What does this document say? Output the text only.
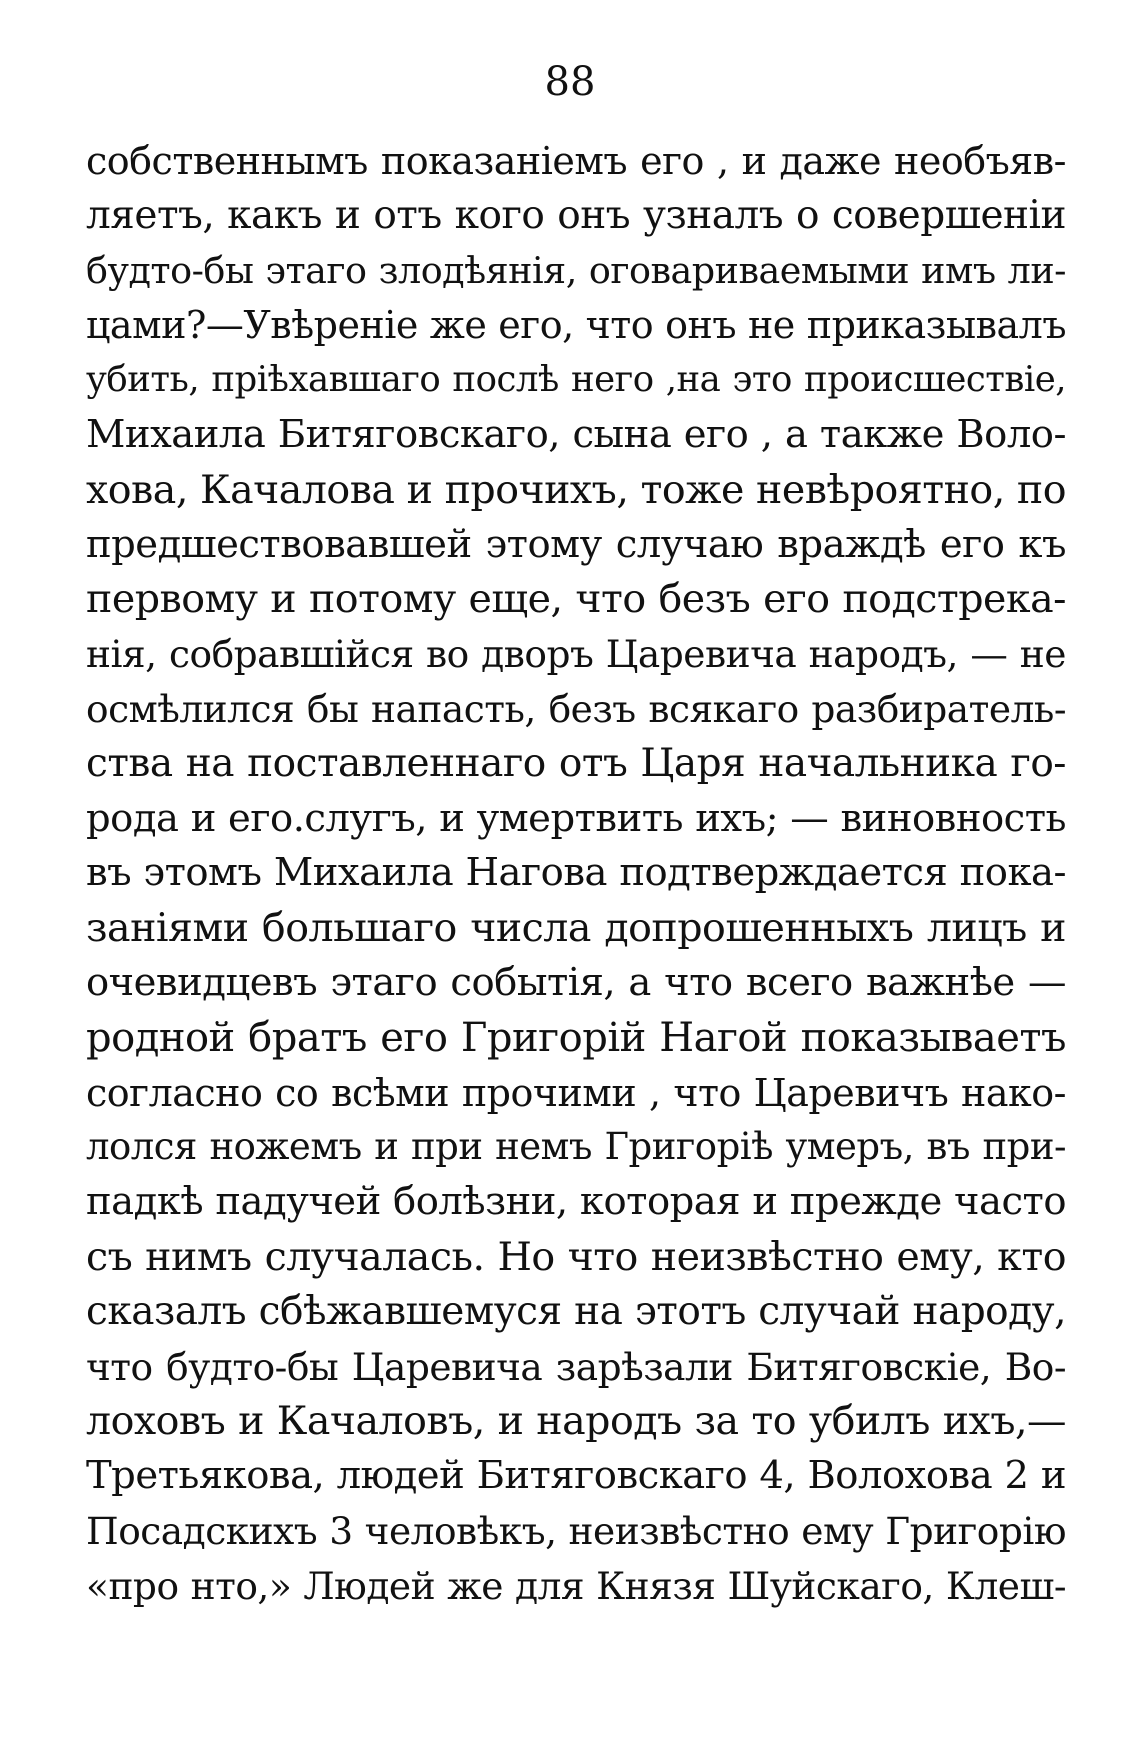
88
собственнымъ показаніемъ его , и даже необъяв-
ляетъ, какъ и отъ кого онъ узналъ о совершеніи
будто-бы этаго злодѣянія, оговариваемыми имъ ли-
цами?—Увѣреніе же его, что онъ не приказывалъ
убить, пріѣхавшаго послѣ него ,на это происшествіе,
Михаила Битяговскаго, сына его , а также Воло-
хова, Качалова и прочихъ, тоже невѣроятно, по
предшествовавшей этому случаю враждѣ его къ
первому и потому еще, что безъ его подстрека-
нія, собравшійся во дворъ Царевича народъ, — не
осмѣлился бы напасть, безъ всякаго разбиратель-
ства на поставленнаго отъ Царя начальника го-
рода и его.слугъ, и умертвить ихъ; — виновность
въ этомъ Михаила Нагова подтверждается пока-
заніями большаго числа допрошенныхъ лицъ и
очевидцевъ этаго событія, а что всего важнѣе —
родной братъ его Григорій Нагой показываетъ
согласно со всѣми прочими , что Царевичъ нако-
лолся ножемъ и при немъ Григоріѣ умеръ, въ при-
падкѣ падучей болѣзни, которая и прежде часто
съ нимъ случалась. Но что неизвѣстно ему, кто
сказалъ сбѣжавшемуся на этотъ случай народу,
что будто-бы Царевича зарѣзали Битяговскіе, Во-
лоховъ и Качаловъ, и народъ за то убилъ ихъ,—
Третьякова, людей Битяговскаго 4, Волохова 2 и
Посадскихъ 3 человѣкъ, неизвѣстно ему Григорію
«про нто,» Людей же для Князя Шуйскаго, Клеш-
